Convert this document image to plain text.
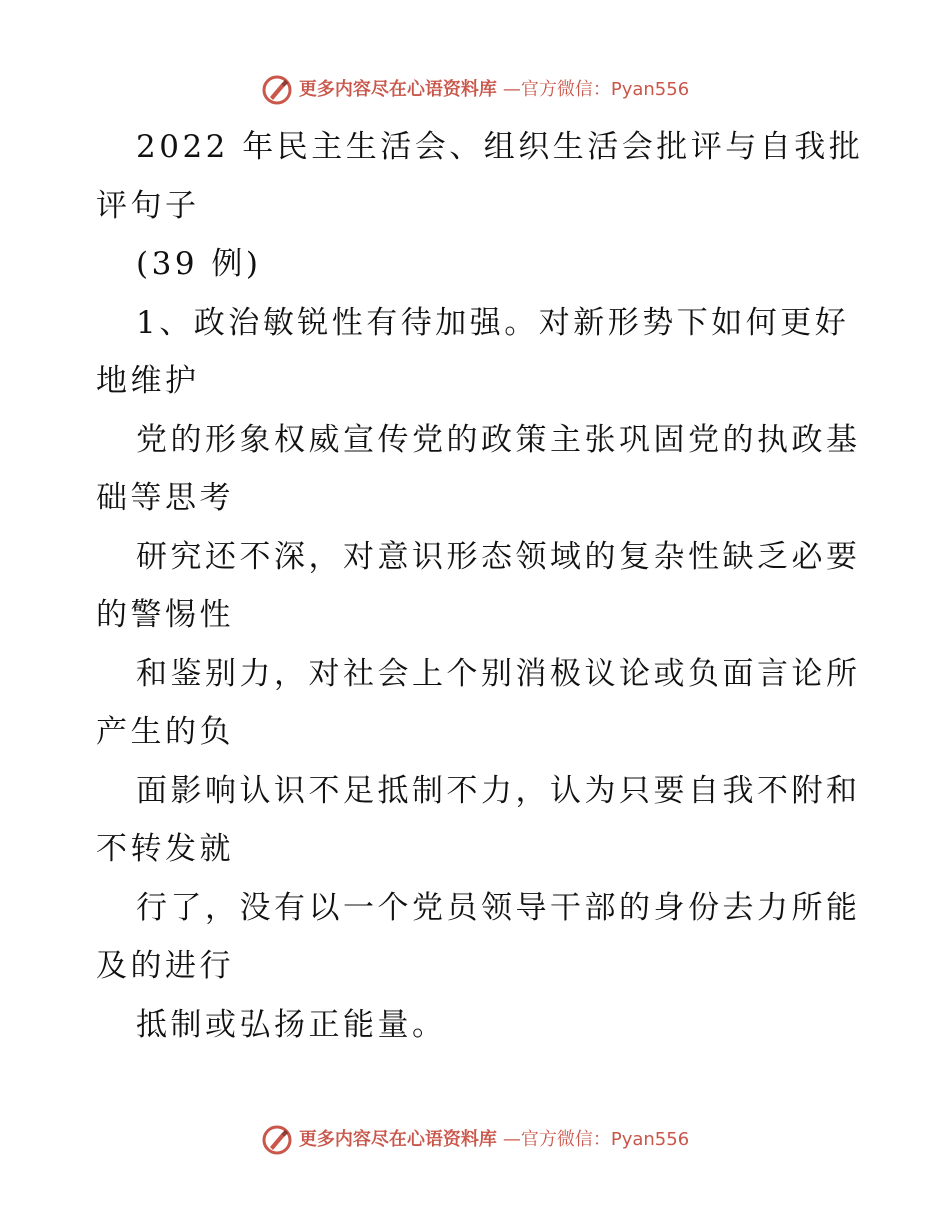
更多内容尽在心语资料库 —官方微信：Pyan556

2022 年民主生活会、组织生活会批评与自我批

评句子

(39 例)

1、政治敏锐性有待加强。对新形势下如何更好

地维护

党的形象权威宣传党的政策主张巩固党的执政基

础等思考

研究还不深，对意识形态领域的复杂性缺乏必要

的警惕性

和鉴别力，对社会上个别消极议论或负面言论所

产生的负

面影响认识不足抵制不力，认为只要自我不附和

不转发就

行了，没有以一个党员领导干部的身份去力所能

及的进行

抵制或弘扬正能量。

更多内容尽在心语资料库 —官方微信：Pyan556
